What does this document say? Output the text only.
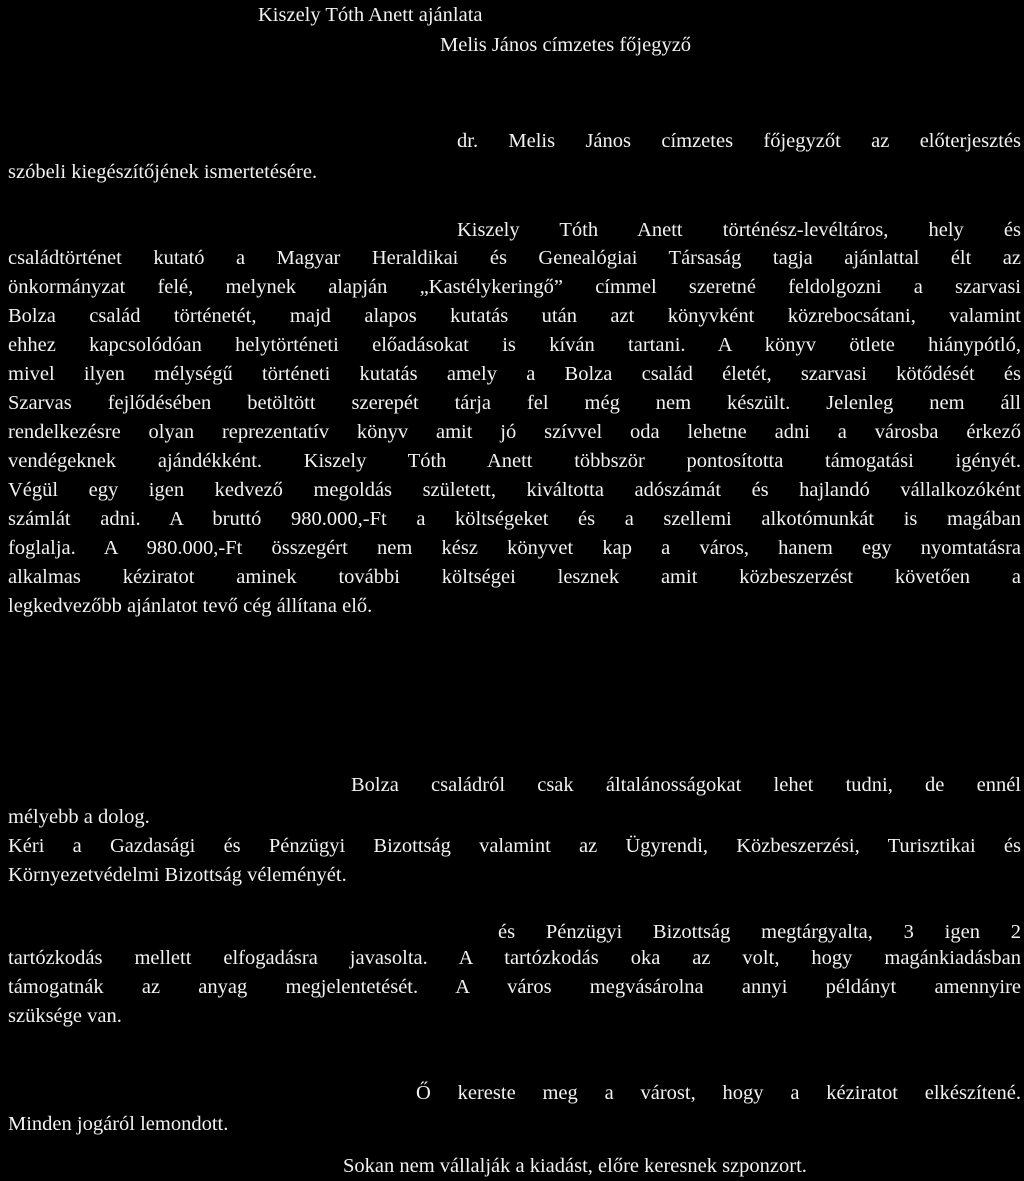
Kiszely Tóth Anett ajánlata
Melis János címzetes főjegyző
dr. Melis János címzetes főjegyzőt az előterjesztés
szóbeli kiegészítőjének ismertetésére.
Kiszely Tóth Anett történész-levéltáros, hely és
családtörténet kutató a Magyar Heraldikai és Genealógiai Társaság tagja ajánlattal élt az
önkormányzat felé, melynek alapján „Kastélykeringő” címmel szeretné feldolgozni a szarvasi
Bolza család történetét, majd alapos kutatás után azt könyvként közrebocsátani, valamint
ehhez kapcsolódóan helytörténeti előadásokat is kíván tartani. A könyv ötlete hiánypótló,
mivel ilyen mélységű történeti kutatás amely a Bolza család életét, szarvasi kötődését és
Szarvas fejlődésében betöltött szerepét tárja fel még nem készült. Jelenleg nem áll
rendelkezésre olyan reprezentatív könyv amit jó szívvel oda lehetne adni a városba érkező
vendégeknek ajándékként. Kiszely Tóth Anett többször pontosította támogatási igényét.
Végül egy igen kedvező megoldás született, kiváltotta adószámát és hajlandó vállalkozóként
számlát adni. A bruttó 980.000,-Ft a költségeket és a szellemi alkotómunkát is magában
foglalja. A 980.000,-Ft összegért nem kész könyvet kap a város, hanem egy nyomtatásra
alkalmas kéziratot aminek további költségei lesznek amit közbeszerzést követően a
legkedvezőbb ajánlatot tevő cég állítana elő.
Bolza családról csak általánosságokat lehet tudni, de ennél
mélyebb a dolog.
Kéri a Gazdasági és Pénzügyi Bizottság valamint az Ügyrendi, Közbeszerzési, Turisztikai és
Környezetvédelmi Bizottság véleményét.
és Pénzügyi Bizottság megtárgyalta, 3 igen 2
tartózkodás mellett elfogadásra javasolta. A tartózkodás oka az volt, hogy magánkiadásban
támogatnák az anyag megjelentetését. A város megvásárolna annyi példányt amennyire
szüksége van.
Ő kereste meg a várost, hogy a kéziratot elkészítené.
Minden jogáról lemondott.
Sokan nem vállalják a kiadást, előre keresnek szponzort.
